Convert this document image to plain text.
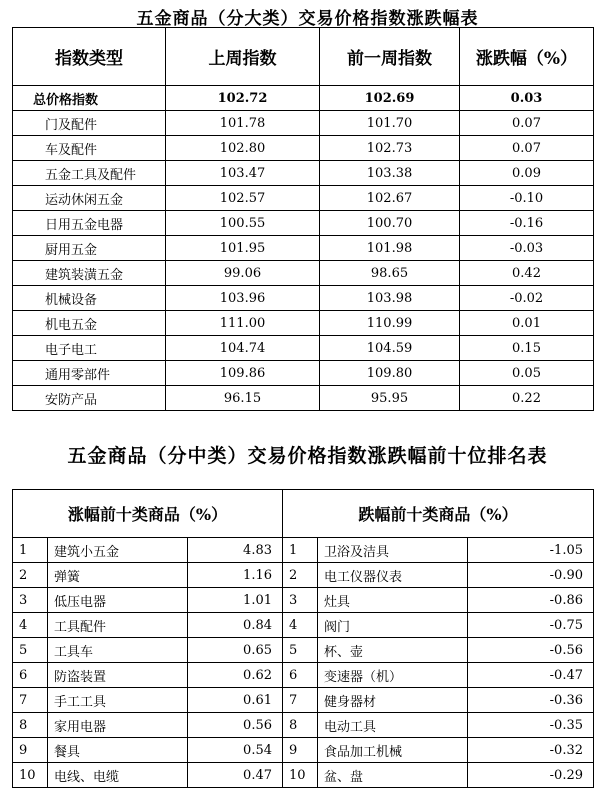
五金商品（分大类）交易价格指数涨跌幅表
指数类型	上周指数	前一周指数	涨跌幅（%）
总价格指数	102.72	102.69	0.03
门及配件	101.78	101.70	0.07
车及配件	102.80	102.73	0.07
五金工具及配件	103.47	103.38	0.09
运动休闲五金	102.57	102.67	-0.10
日用五金电器	100.55	100.70	-0.16
厨用五金	101.95	101.98	-0.03
建筑装潢五金	99.06	98.65	0.42
机械设备	103.96	103.98	-0.02
机电五金	111.00	110.99	0.01
电子电工	104.74	104.59	0.15
通用零部件	109.86	109.80	0.05
安防产品	96.15	95.95	0.22
五金商品（分中类）交易价格指数涨跌幅前十位排名表
涨幅前十类商品（%）			跌幅前十类商品（%）		
1	建筑小五金	4.83	1	卫浴及洁具	-1.05
2	弹簧	1.16	2	电工仪器仪表	-0.90
3	低压电器	1.01	3	灶具	-0.86
4	工具配件	0.84	4	阀门	-0.75
5	工具车	0.65	5	杯、壶	-0.56
6	防盗装置	0.62	6	变速器（机）	-0.47
7	手工工具	0.61	7	健身器材	-0.36
8	家用电器	0.56	8	电动工具	-0.35
9	餐具	0.54	9	食品加工机械	-0.32
10	电线、电缆	0.47	10	盆、盘	-0.29
